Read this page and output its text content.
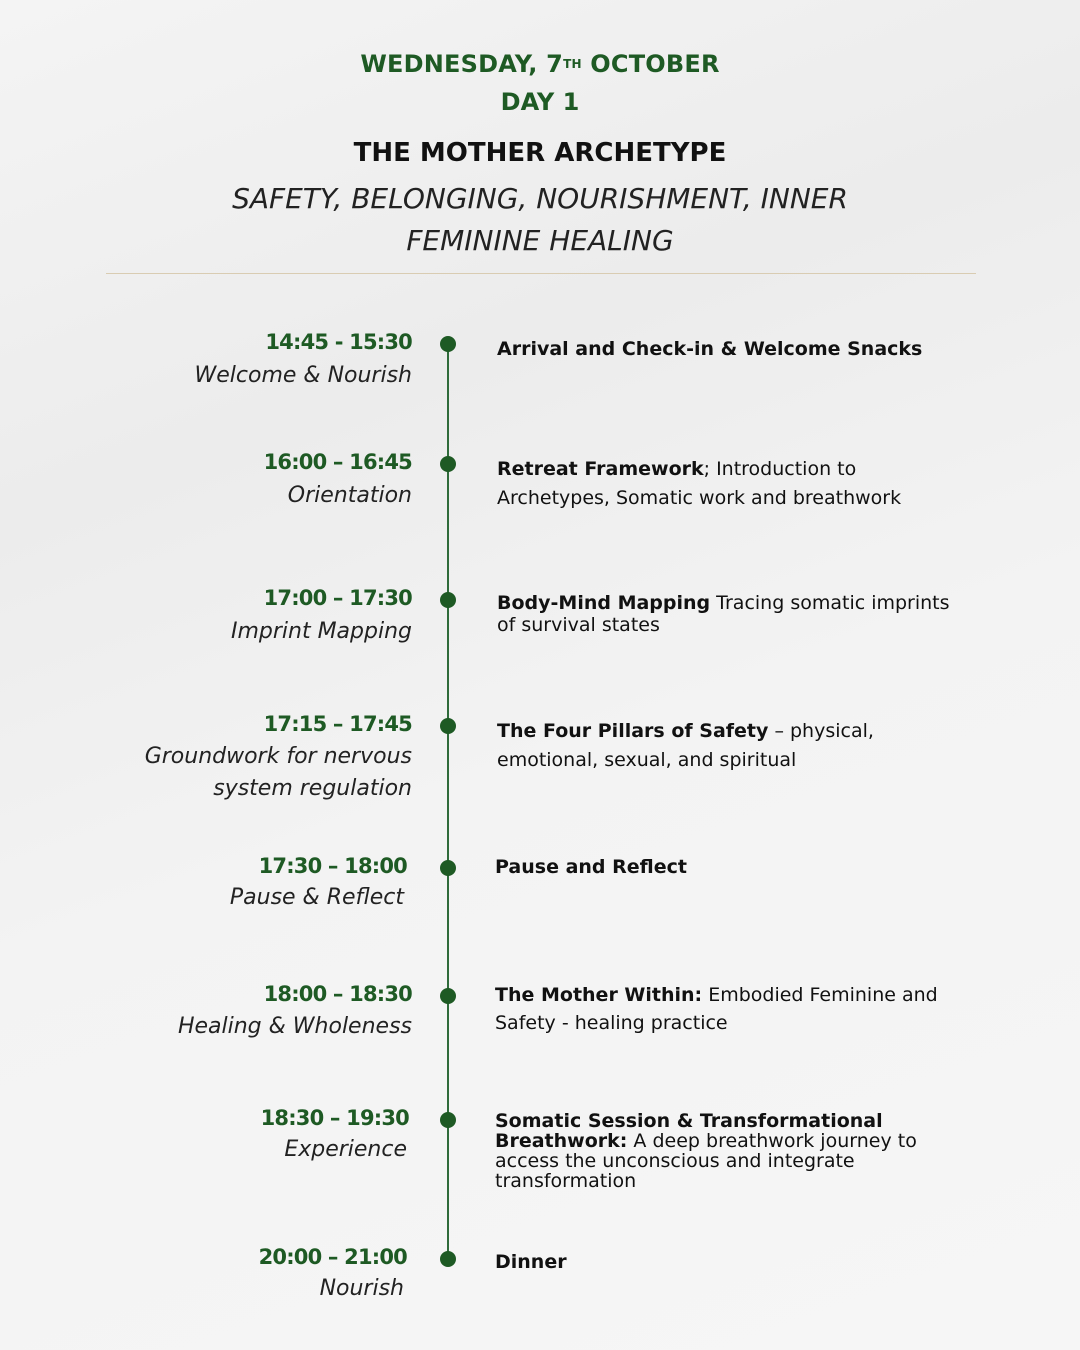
WEDNESDAY, 7TH OCTOBER
DAY 1
THE MOTHER ARCHETYPE
SAFETY, BELONGING, NOURISHMENT, INNER FEMININE HEALING
14:45 - 15:30
Welcome & Nourish
Arrival and Check-in & Welcome Snacks
16:00 – 16:45
Orientation
Retreat Framework; Introduction to Archetypes, Somatic work and breathwork
17:00 – 17:30
Imprint Mapping
Body-Mind Mapping Tracing somatic imprints of survival states
17:15 – 17:45
Groundwork for nervous system regulation
The Four Pillars of Safety – physical, emotional, sexual, and spiritual
17:30 – 18:00
Pause & Reflect
Pause and Reflect
18:00 – 18:30
Healing & Wholeness
The Mother Within: Embodied Feminine and Safety - healing practice
18:30 – 19:30
Experience
Somatic Session & Transformational Breathwork: A deep breathwork journey to access the unconscious and integrate transformation
20:00 – 21:00
Nourish
Dinner
